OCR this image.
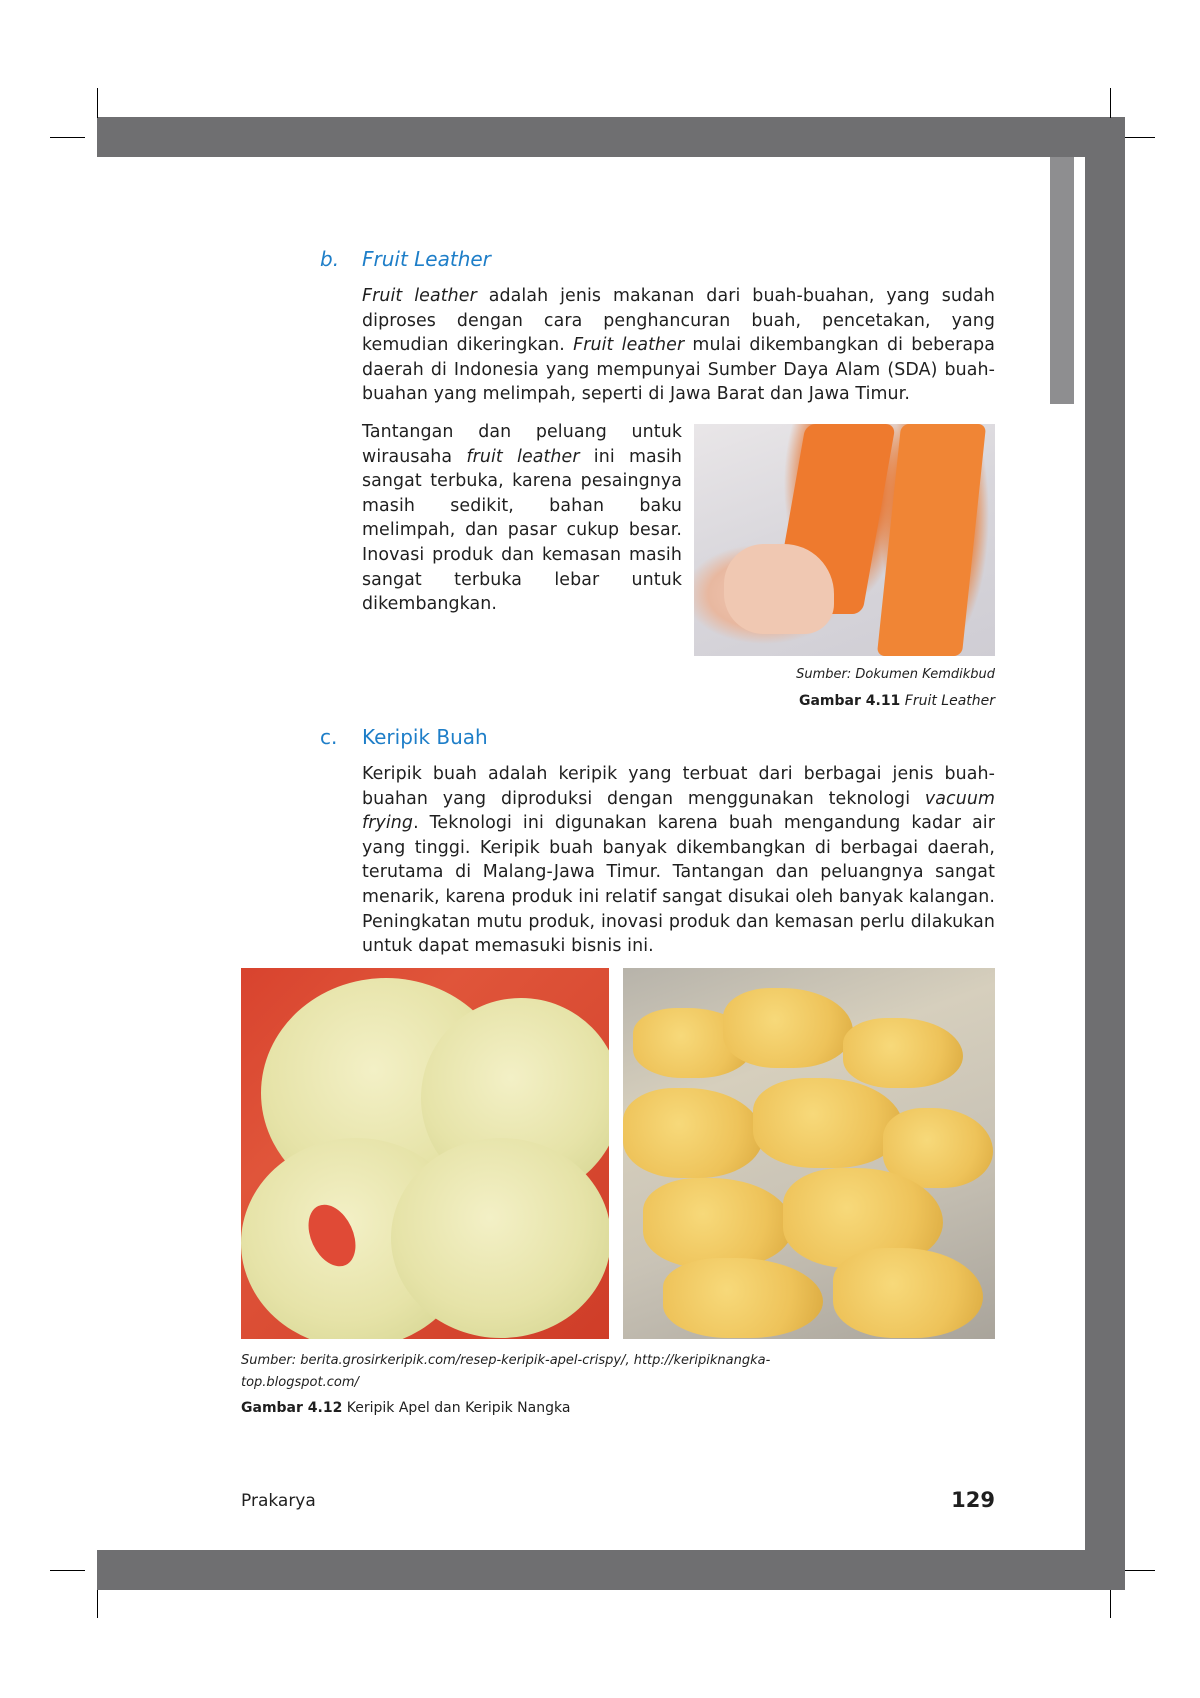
b. Fruit Leather
Fruit leather adalah jenis makanan dari buah-buahan, yang sudah diproses dengan cara penghancuran buah, pencetakan, yang kemudian dikeringkan. Fruit leather mulai dikembangkan di beberapa daerah di Indonesia yang mempunyai Sumber Daya Alam (SDA) buah-buahan yang melimpah, seperti di Jawa Barat dan Jawa Timur.
Tantangan dan peluang untuk wirausaha fruit leather ini masih sangat terbuka, karena pesaingnya masih sedikit, bahan baku melimpah, dan pasar cukup besar. Inovasi produk dan kemasan masih sangat terbuka lebar untuk dikembangkan.
Sumber: Dokumen Kemdikbud
Gambar 4.11 Fruit Leather
c. Keripik Buah
Keripik buah adalah keripik yang terbuat dari berbagai jenis buah-buahan yang diproduksi dengan menggunakan teknologi vacuum frying. Teknologi ini digunakan karena buah mengandung kadar air yang tinggi. Keripik buah banyak dikembangkan di berbagai daerah, terutama di Malang-Jawa Timur. Tantangan dan peluangnya sangat menarik, karena produk ini relatif sangat disukai oleh banyak kalangan. Peningkatan mutu produk, inovasi produk dan kemasan perlu dilakukan untuk dapat memasuki bisnis ini.
Sumber: berita.grosirkeripik.com/resep-keripik-apel-crispy/, http://keripiknangka-top.blogspot.com/
Gambar 4.12 Keripik Apel dan Keripik Nangka
Prakarya	129
